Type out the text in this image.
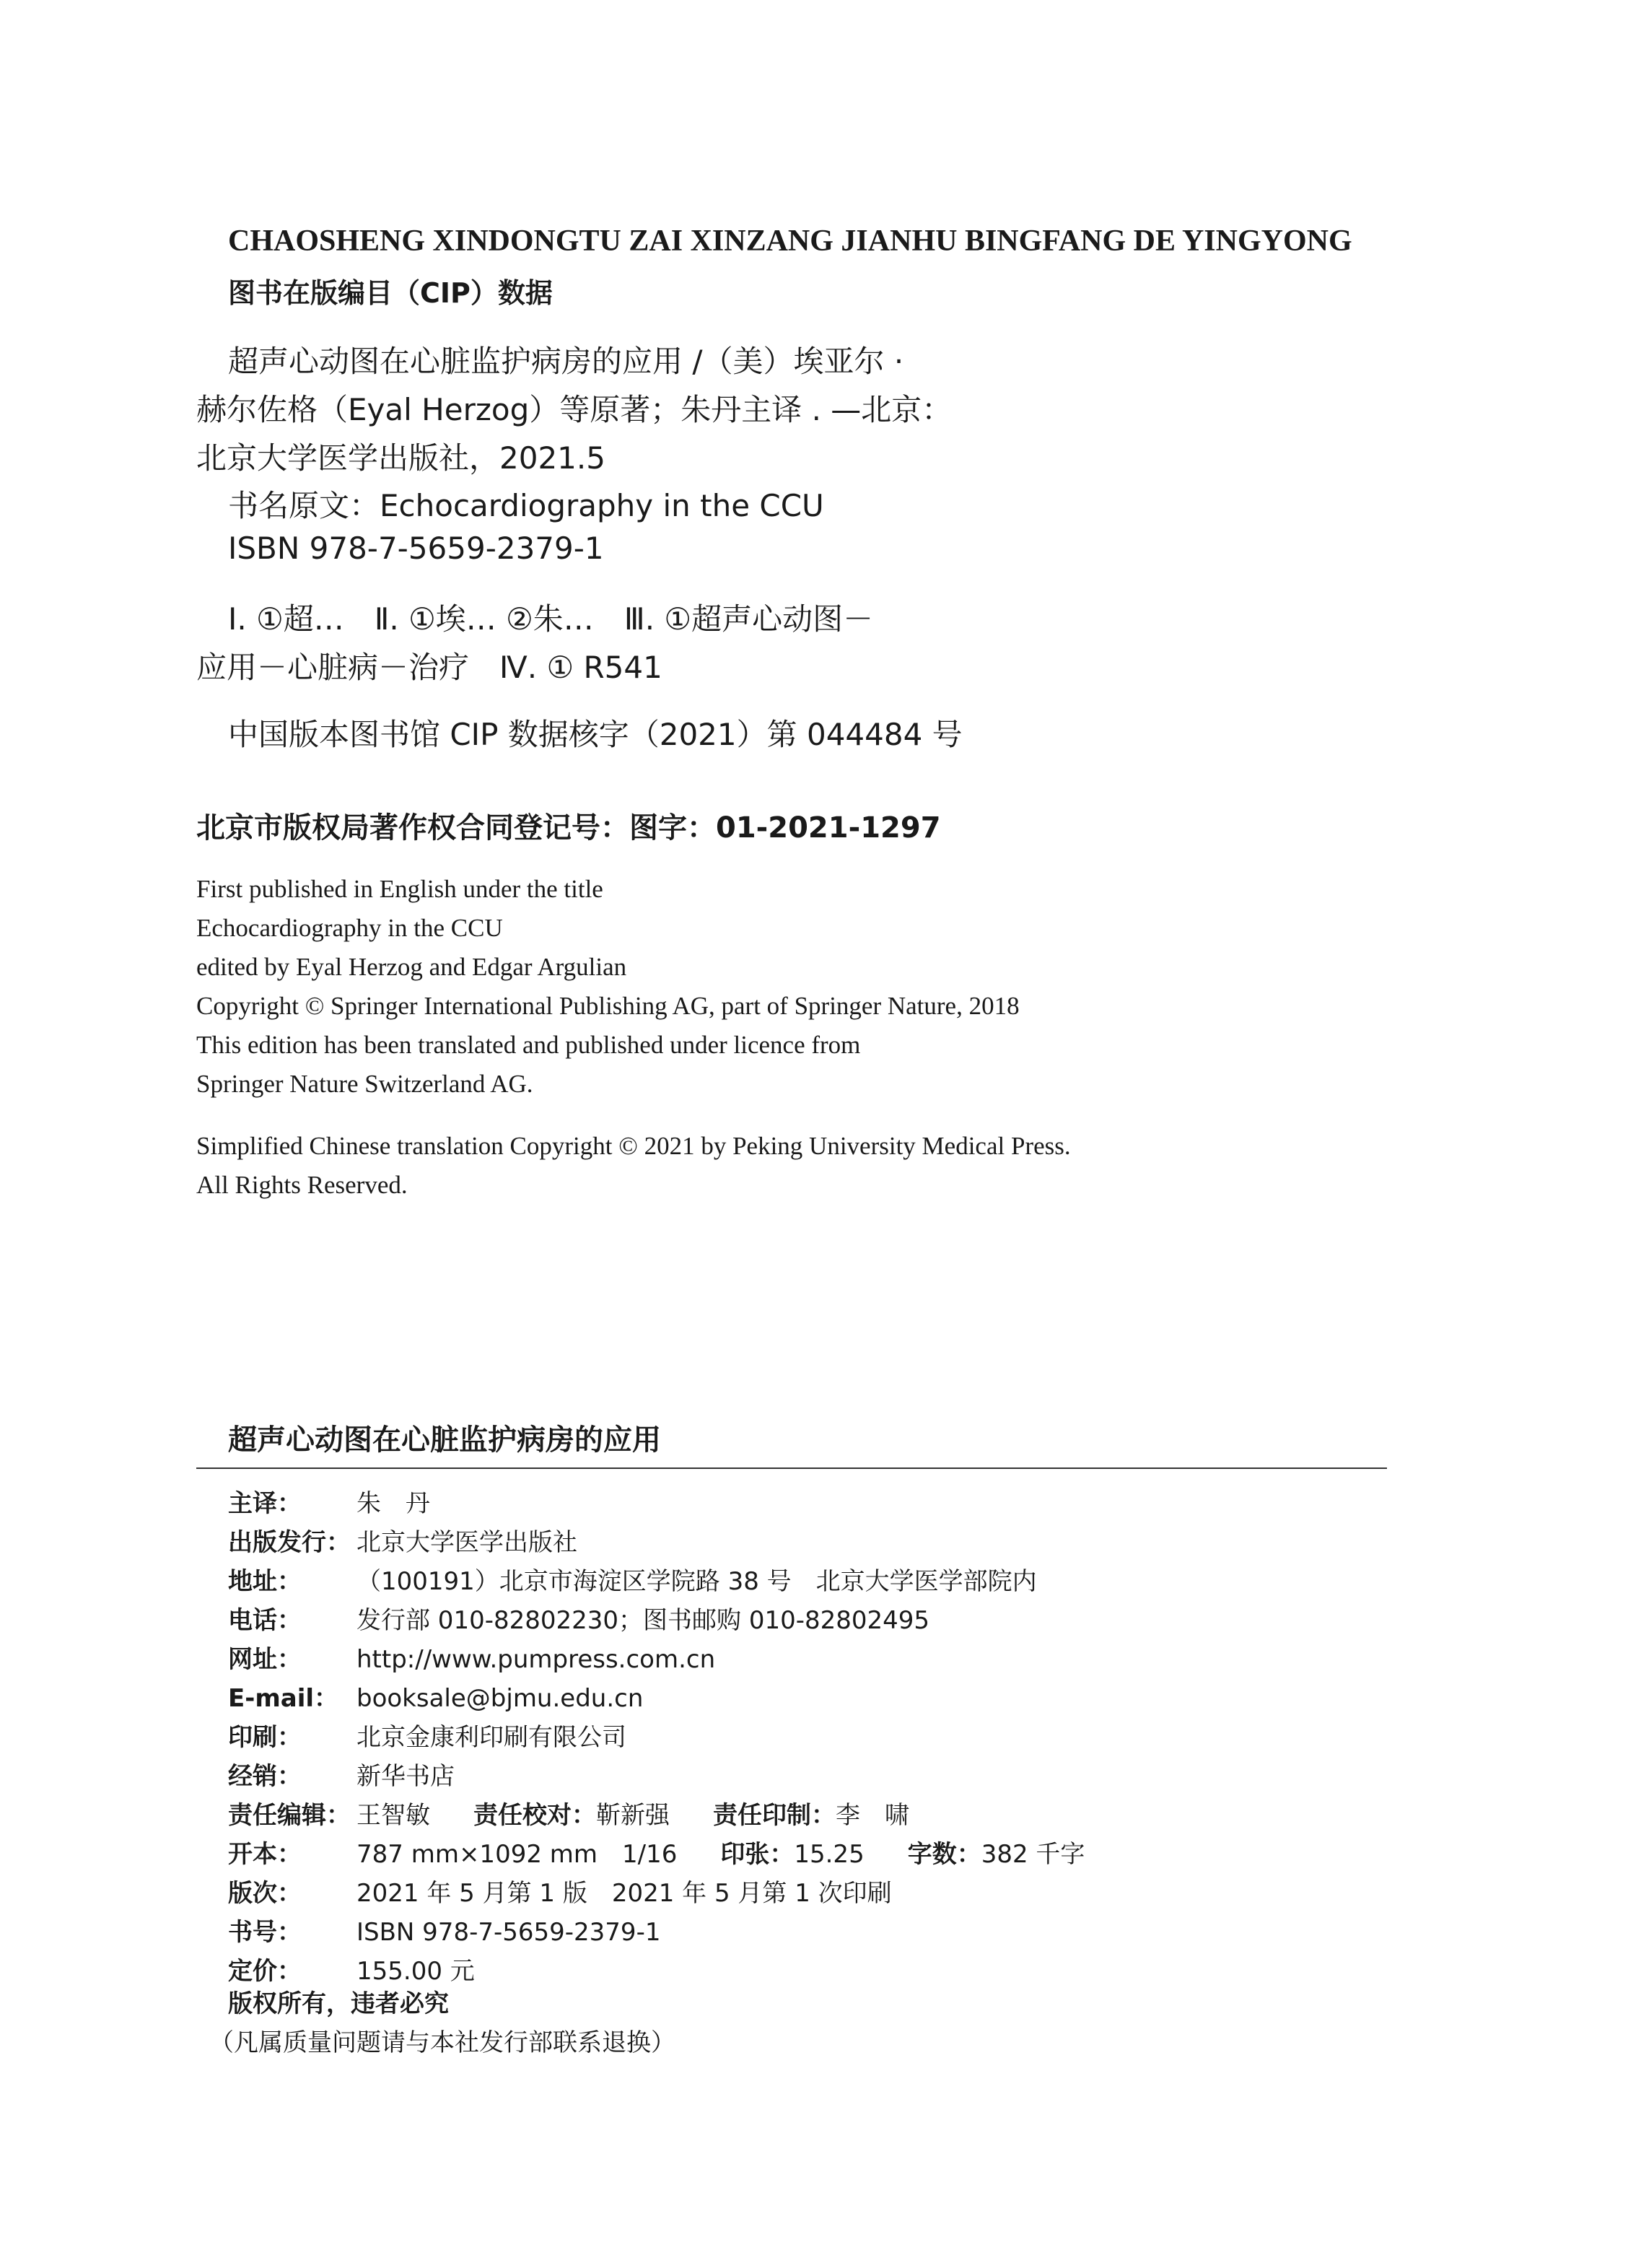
CHAOSHENG XINDONGTU ZAI XINZANG JIANHU BINGFANG DE YINGYONG
图书在版编目（CIP）数据
超声心动图在心脏监护病房的应用 /（美）埃亚尔 ·
赫尔佐格（Eyal Herzog）等原著；朱丹主译 . —北京：
北京大学医学出版社，2021.5
书名原文：Echocardiography in the CCU
ISBN 978-7-5659-2379-1
Ⅰ. ①超…　Ⅱ. ①埃… ②朱…　Ⅲ. ①超声心动图－
应用－心脏病－治疗　Ⅳ. ① R541
中国版本图书馆 CIP 数据核字（2021）第 044484 号
北京市版权局著作权合同登记号：图字：01-2021-1297
First published in English under the title
Echocardiography in the CCU
edited by Eyal Herzog and Edgar Argulian
Copyright © Springer International Publishing AG, part of Springer Nature, 2018
This edition has been translated and published under licence from
Springer Nature Switzerland AG.
Simplified Chinese translation Copyright © 2021 by Peking University Medical Press.
All Rights Reserved.
超声心动图在心脏监护病房的应用
主译： 朱　丹
出版发行： 北京大学医学出版社
地址： （100191）北京市海淀区学院路 38 号　北京大学医学部院内
电话： 发行部 010-82802230；图书邮购 010-82802495
网址： http://www.pumpress.com.cn
E-mail： booksale@bjmu.edu.cn
印刷： 北京金康利印刷有限公司
经销： 新华书店
责任编辑： 王智敏 责任校对：靳新强 责任印制：李　啸
开本： 787 mm×1092 mm　1/16 印张：15.25 字数：382 千字
版次： 2021 年 5 月第 1 版　2021 年 5 月第 1 次印刷
书号： ISBN 978-7-5659-2379-1
定价： 155.00 元
版权所有，违者必究
（凡属质量问题请与本社发行部联系退换）
